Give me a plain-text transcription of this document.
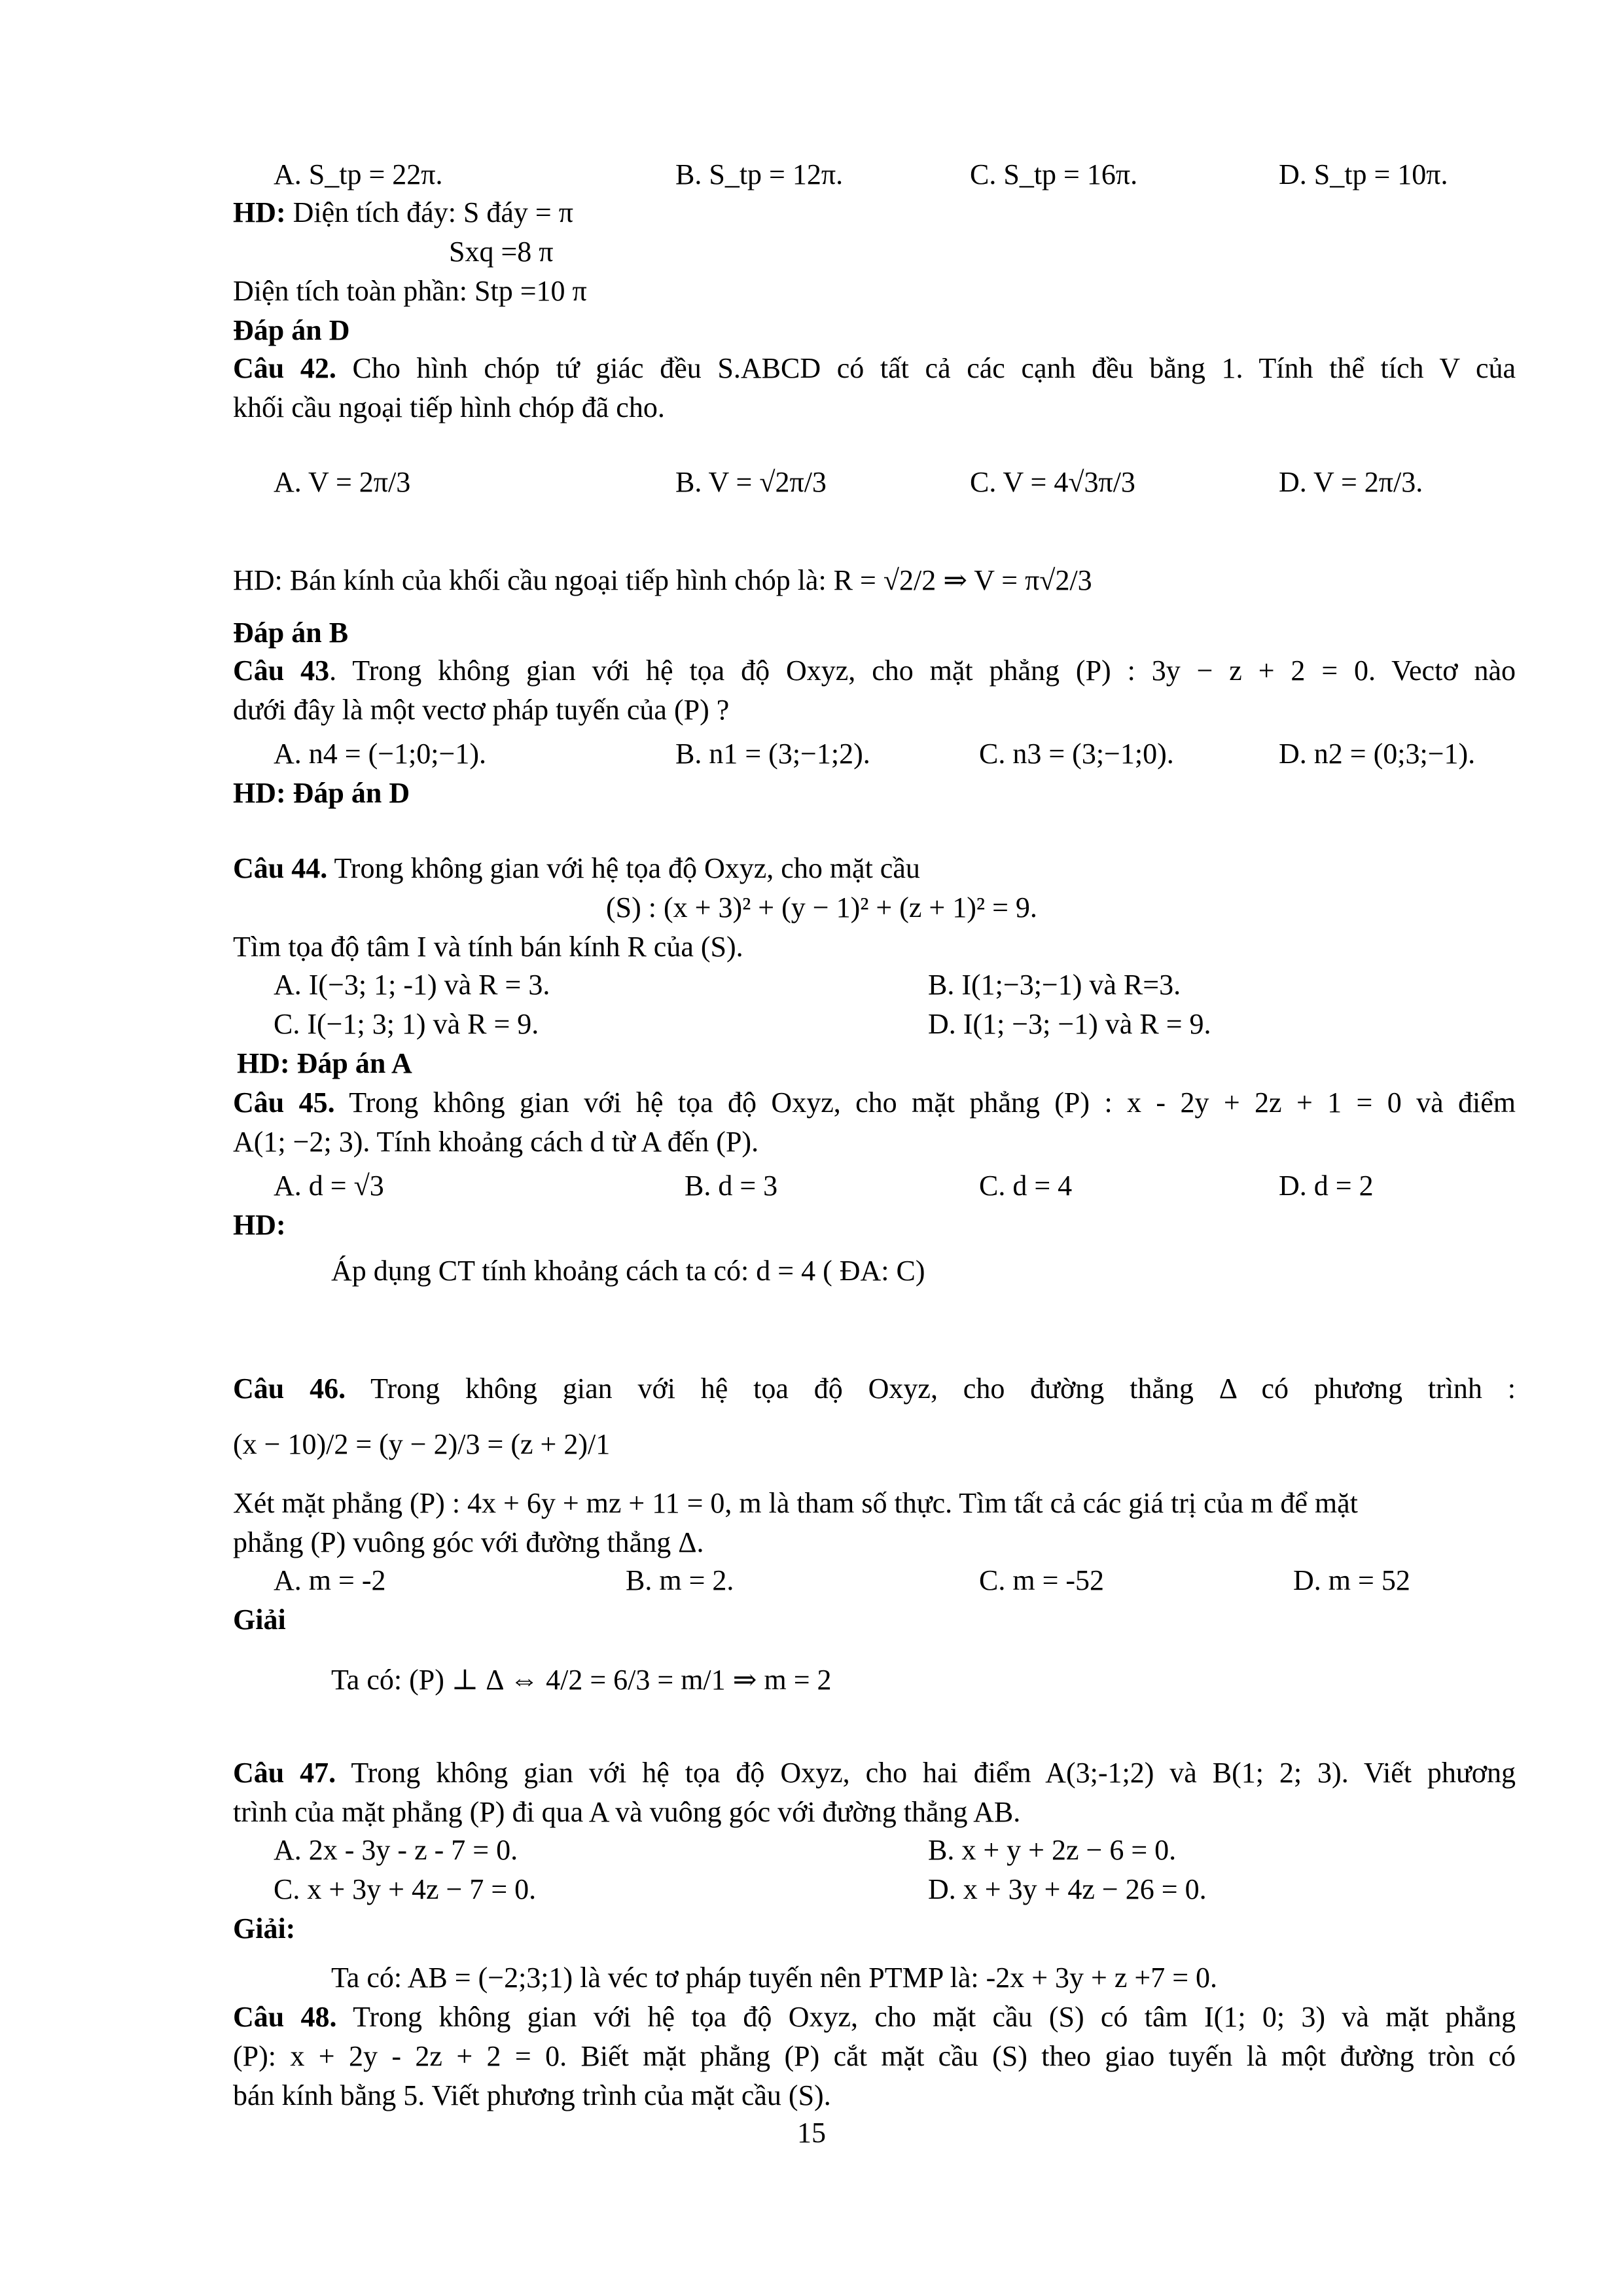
A. S_tp = 22π.	B. S_tp = 12π.	C. S_tp = 16π.	D. S_tp = 10π.
HD: Diện tích đáy: S đáy = π
Sxq =8 π
Diện tích toàn phần: Stp =10 π
Đáp án D
Câu 42. Cho hình chóp tứ giác đều S.ABCD có tất cả các cạnh đều bằng 1. Tính thể tích V của
khối cầu ngoại tiếp hình chóp đã cho.
A. V = 2π/3	B. V = √2π/3	C. V = 4√3π/3	D. V = 2π/3.
HD: Bán kính của khối cầu ngoại tiếp hình chóp là: R = √2/2 ⇒ V = π√2/3
Đáp án B
Câu 43. Trong không gian với hệ tọa độ Oxyz, cho mặt phẳng (P) : 3y − z + 2 = 0. Vectơ nào
dưới đây là một vectơ pháp tuyến của (P) ?
A. n4 = (−1;0;−1).	B. n1 = (3;−1;2).	C. n3 = (3;−1;0).	D. n2 = (0;3;−1).
HD: Đáp án D
Câu 44. Trong không gian với hệ tọa độ Oxyz, cho mặt cầu
(S) : (x + 3)² + (y − 1)² + (z + 1)² = 9.
Tìm tọa độ tâm I và tính bán kính R của (S).
A. I(−3; 1; -1) và R = 3.	B. I(1;−3;−1) và R=3.
C. I(−1; 3; 1) và R = 9.	D. I(1; −3; −1) và R = 9.
HD: Đáp án A
Câu 45. Trong không gian với hệ tọa độ Oxyz, cho mặt phẳng (P) : x - 2y + 2z + 1 = 0 và điểm
A(1; −2; 3). Tính khoảng cách d từ A đến (P).
A. d = √3	B. d = 3	C. d = 4	D. d = 2
HD:
Áp dụng CT tính khoảng cách ta có: d = 4 ( ĐA: C)
Câu 46. Trong không gian với hệ tọa độ Oxyz, cho đường thẳng Δ có phương trình :
(x − 10)/2 = (y − 2)/3 = (z + 2)/1
Xét mặt phẳng (P) : 4x + 6y + mz + 11 = 0, m là tham số thực. Tìm tất cả các giá trị của m để mặt
phẳng (P) vuông góc với đường thẳng Δ.
A. m = -2	B. m = 2.	C. m = -52	D. m = 52
Giải
Ta có: (P) ⊥ Δ ⇔ 4/2 = 6/3 = m/1 ⇒ m = 2
Câu 47. Trong không gian với hệ tọa độ Oxyz, cho hai điểm A(3;-1;2) và B(1; 2; 3). Viết phương
trình của mặt phẳng (P) đi qua A và vuông góc với đường thẳng AB.
A. 2x - 3y - z - 7 = 0.	B. x + y + 2z − 6 = 0.
C. x + 3y + 4z − 7 = 0.	D. x + 3y + 4z − 26 = 0.
Giải:
Ta có: AB = (−2;3;1) là véc tơ pháp tuyến nên PTMP là: -2x + 3y + z +7 = 0.
Câu 48. Trong không gian với hệ tọa độ Oxyz, cho mặt cầu (S) có tâm I(1; 0; 3) và mặt phẳng
(P): x + 2y - 2z + 2 = 0. Biết mặt phẳng (P) cắt mặt cầu (S) theo giao tuyến là một đường tròn có
bán kính bằng 5. Viết phương trình của mặt cầu (S).
15
